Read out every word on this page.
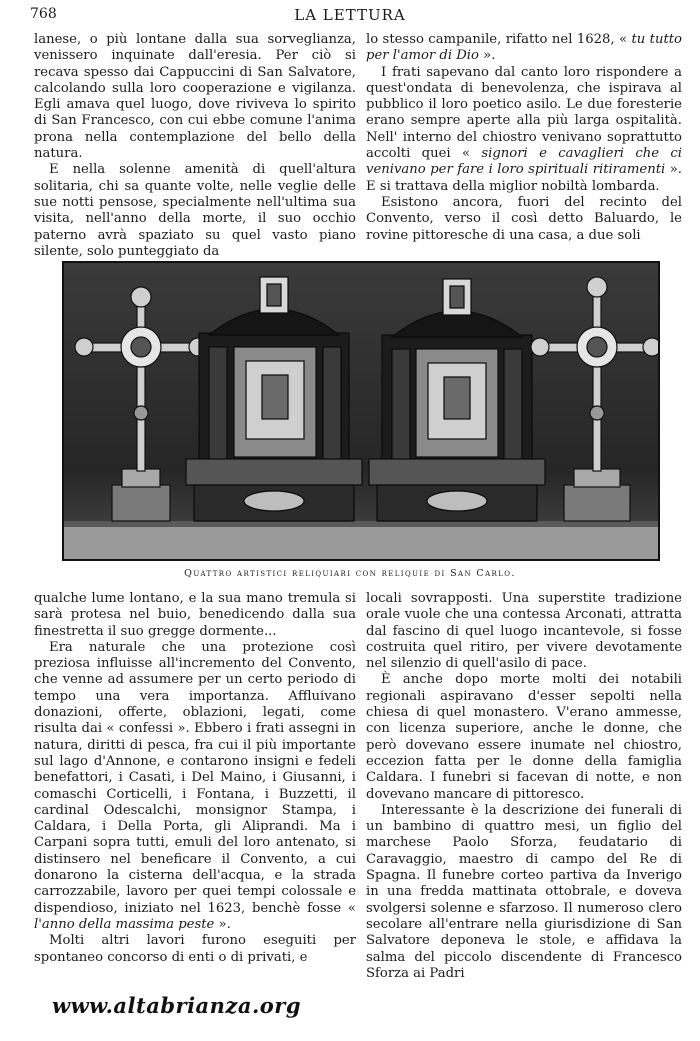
768	LA LETTURA

lanese, o più lontane dalla sua sorveglianza, venissero inquinate dall'eresia. Per ciò si recava spesso dai Cappuccini di San Salvatore, calcolando sulla loro cooperazione e vigilanza. Egli amava quel luogo, dove riviveva lo spirito di San Francesco, con cui ebbe comune l'anima prona nella contemplazione del bello della natura.

E nella solenne amenità di quell'altura solitaria, chi sa quante volte, nelle veglie delle sue notti pensose, specialmente nell'ultima sua visita, nell'anno della morte, il suo occhio paterno avrà spaziato su quel vasto piano silente, solo punteggiato da

lo stesso campanile, rifatto nel 1628, « tu tutto per l'amor di Dio ».

I frati sapevano dal canto loro rispondere a quest'ondata di benevolenza, che ispirava al pubblico il loro poetico asilo. Le due foresterie erano sempre aperte alla più larga ospitalità. Nell' interno del chiostro venivano soprattutto accolti quei « signori e cavaglieri che ci venivano per fare i loro spirituali ritiramenti ». E si trattava della miglior nobiltà lombarda.

Esistono ancora, fuori del recinto del Convento, verso il così detto Baluardo, le rovine pittoresche di una casa, a due soli

Quattro artistici reliquiari con reliquie di San Carlo.

qualche lume lontano, e la sua mano tremula si sarà protesa nel buio, benedicendo dalla sua finestretta il suo gregge dormente...

Era naturale che una protezione così preziosa influisse all'incremento del Convento, che venne ad assumere per un certo periodo di tempo una vera importanza. Affluivano donazioni, offerte, oblazioni, legati, come risulta dai « confessi ». Ebbero i frati assegni in natura, diritti di pesca, fra cui il più importante sul lago d'Annone, e contarono insigni e fedeli benefattori, i Casati, i Del Maino, i Giusanni, i comaschi Corticelli, i Fontana, i Buzzetti, il cardinal Odescalchi, monsignor Stampa, i Caldara, i Della Porta, gli Aliprandi. Ma i Carpani sopra tutti, emuli del loro antenato, si distinsero nel beneficare il Convento, a cui donarono la cisterna dell'acqua, e la strada carrozzabile, lavoro per quei tempi colossale e dispendioso, iniziato nel 1623, benchè fosse « l'anno della massima peste ».

Molti altri lavori furono eseguiti per spontaneo concorso di enti o di privati, e

locali sovrapposti. Una superstite tradizione orale vuole che una contessa Arconati, attratta dal fascino di quel luogo incantevole, si fosse costruita quel ritiro, per vivere devotamente nel silenzio di quell'asilo di pace.

È anche dopo morte molti dei notabili regionali aspiravano d'esser sepolti nella chiesa di quel monastero. V'erano ammesse, con licenza superiore, anche le donne, che però dovevano essere inumate nel chiostro, eccezion fatta per le donne della famiglia Caldara. I funebri si facevan di notte, e non dovevano mancare di pittoresco.

Interessante è la descrizione dei funerali di un bambino di quattro mesi, un figlio del marchese Paolo Sforza, feudatario di Caravaggio, maestro di campo del Re di Spagna. Il funebre corteo partiva da Inverigo in una fredda mattinata ottobrale, e doveva svolgersi solenne e sfarzoso. Il numeroso clero secolare all'entrare nella giurisdizione di San Salvatore deponeva le stole, e affidava la salma del piccolo discendente di Francesco Sforza ai Padri

www.altabrianza.org
